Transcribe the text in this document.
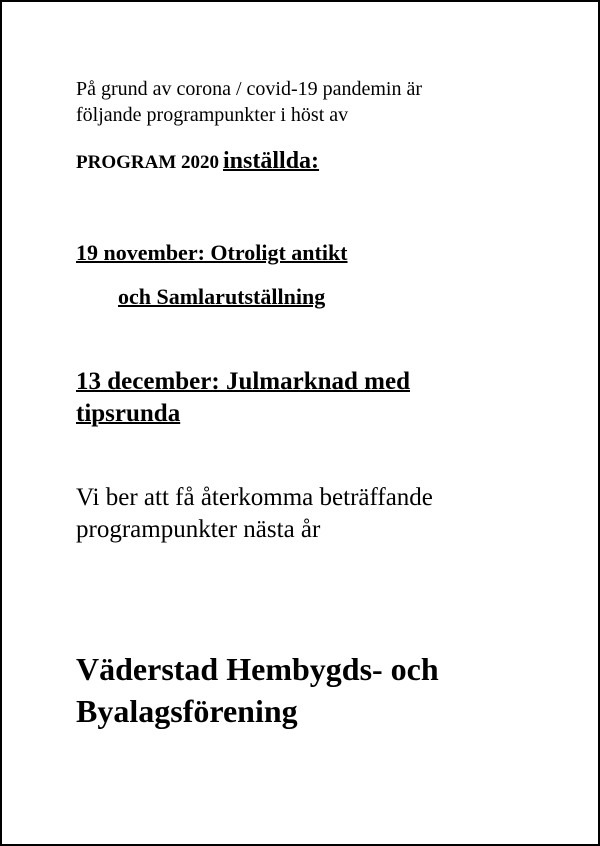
På grund av corona / covid-19 pandemin är
följande programpunkter i höst av
PROGRAM 2020 inställda:
19 november: Otroligt antikt
och Samlarutställning
13 december: Julmarknad med
tipsrunda
Vi ber att få återkomma beträffande
programpunkter nästa år
Väderstad Hembygds- och
Byalagsförening
